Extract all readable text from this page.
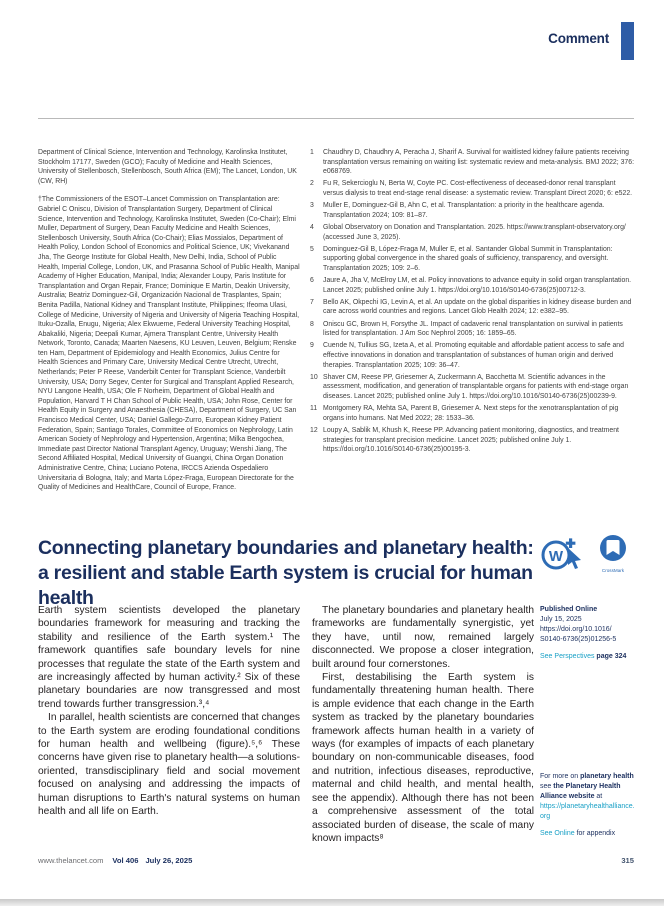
Comment

Department of Clinical Science, Intervention and Technology, Karolinska Institutet, Stockholm 17177, Sweden (GCO); Faculty of Medicine and Health Sciences, University of Stellenbosch, Stellenbosch, South Africa (EM); The Lancet, London, UK (CW, RH)

†The Commissioners of the ESOT–Lancet Commission on Transplantation are: Gabriel C Oniscu, Division of Transplantation Surgery, Department of Clinical Science, Intervention and Technology, Karolinska Institutet, Sweden (Co-Chair); Elmi Muller, Department of Surgery, Dean Faculty Medicine and Health Sciences, Stellenbosch University, South Africa (Co-Chair); Elias Mossialos, Department of Health Policy, London School of Economics and Political Science, UK; Vivekanand Jha, The George Institute for Global Health, New Delhi, India, School of Public Health, Imperial College, London, UK, and Prasanna School of Public Health, Manipal Academy of Higher Education, Manipal, India; Alexander Loupy, Paris Institute for Transplantation and Organ Repair, France; Dominique E Martin, Deakin University, Australia; Beatriz Dominguez-Gil, Organización Nacional de Trasplantes, Spain; Benita Padilla, National Kidney and Transplant Institute, Philippines; Ifeoma Ulasi, College of Medicine, University of Nigeria and University of Nigeria Teaching Hospital, Ituku-Ozalla, Enugu, Nigeria; Alex Ekwueme, Federal University Teaching Hospital, Abakaliki, Nigeria; Deepali Kumar, Ajmera Transplant Centre, University Health Network, Toronto, Canada; Maarten Naesens, KU Leuven, Leuven, Belgium; Renske ten Ham, Department of Epidemiology and Health Economics, Julius Centre for Health Sciences and Primary Care, University Medical Centre Utrecht, Utrecht, Netherlands; Peter P Reese, Vanderbilt Center for Transplant Science, Vanderbilt University, USA; Dorry Segev, Center for Surgical and Transplant Applied Research, NYU Langone Health, USA; Ole F Norheim, Department of Global Health and Population, Harvard T H Chan School of Public Health, USA; John Rose, Center for Health Equity in Surgery and Anaesthesia (CHESA), Department of Surgery, UC San Francisco Medical Center, USA; Daniel Gallego-Zurro, European Kidney Patient Federation, Spain; Santiago Torales, Committee of Economics on Nephrology, Latin American Society of Nephrology and Hypertension, Argentina; Milka Bengochea, Immediate past Director National Transplant Agency, Uruguay; Wenshi Jiang, The Second Affiliated Hospital, Medical University of Guangxi, China Organ Donation Administrative Centre, China; Luciano Potena, IRCCS Azienda Ospedaliero Universitaria di Bologna, Italy; and Marta López-Fraga, European Directorate for the Quality of Medicines and HealthCare, Council of Europe, France.

1	Chaudhry D, Chaudhry A, Peracha J, Sharif A. Survival for waitlisted kidney failure patients receiving transplantation versus remaining on waiting list: systematic review and meta-analysis. BMJ 2022; 376: e068769.
2	Fu R, Sekercioglu N, Berta W, Coyte PC. Cost-effectiveness of deceased-donor renal transplant versus dialysis to treat end-stage renal disease: a systematic review. Transplant Direct 2020; 6: e522.
3	Muller E, Dominguez-Gil B, Ahn C, et al. Transplantation: a priority in the healthcare agenda. Transplantation 2024; 109: 81–87.
4	Global Observatory on Donation and Transplantation. 2025. https://www.transplant-observatory.org/ (accessed June 3, 2025).
5	Dominguez-Gil B, López-Fraga M, Muller E, et al. Santander Global Summit in Transplantation: supporting global convergence in the shared goals of sufficiency, transparency, and oversight. Transplantation 2025; 109: 2–6.
6	Jaure A, Jha V, McElroy LM, et al. Policy innovations to advance equity in solid organ transplantation. Lancet 2025; published online July 1. https://doi.org/10.1016/S0140-6736(25)00712-3.
7	Bello AK, Okpechi IG, Levin A, et al. An update on the global disparities in kidney disease burden and care across world countries and regions. Lancet Glob Health 2024; 12: e382–95.
8	Oniscu GC, Brown H, Forsythe JL. Impact of cadaveric renal transplantation on survival in patients listed for transplantation. J Am Soc Nephrol 2005; 16: 1859–65.
9	Cuende N, Tullius SG, Izeta A, et al. Promoting equitable and affordable patient access to safe and effective innovations in donation and transplantation of substances of human origin and derived therapies. Transplantation 2025; 109: 36–47.
10 Shaver CM, Reese PP, Griesemer A, Zuckermann A, Bacchetta M. Scientific advances in the assessment, modification, and generation of transplantable organs for patients with end-stage organ diseases. Lancet 2025; published online July 1. https://doi.org/10.1016/S0140-6736(25)00239-9.
11 Montgomery RA, Mehta SA, Parent B, Griesemer A. Next steps for the xenotransplantation of pig organs into humans. Nat Med 2022; 28: 1533–36.
12 Loupy A, Sablik M, Khush K, Reese PP. Advancing patient monitoring, diagnostics, and treatment strategies for transplant precision medicine. Lancet 2025; published online July 1. https://doi.org/10.1016/S0140-6736(25)00195-3.
Connecting planetary boundaries and planetary health:
a resilient and stable Earth system is crucial for human health
W
CrossMark

Earth system scientists developed the planetary boundaries framework for measuring and tracking the stability and resilience of the Earth system.¹ The framework quantifies safe boundary levels for nine processes that regulate the state of the Earth system and are increasingly affected by human activity.² Six of these planetary boundaries are now transgressed and most trend towards further transgression.³,⁴

In parallel, health scientists are concerned that changes to the Earth system are eroding foundational conditions for human health and wellbeing (figure).⁵,⁶ These concerns have given rise to planetary health—a solutions-oriented, transdisciplinary field and social movement focused on analysing and addressing the impacts of human disruptions to Earth's natural systems on human health and all life on Earth.

The planetary boundaries and planetary health frameworks are fundamentally synergistic, yet they have, until now, remained largely disconnected. We propose a closer integration, built around four cornerstones.

First, destabilising the Earth system is fundamentally threatening human health. There is ample evidence that each change in the Earth system as tracked by the planetary boundaries framework affects human health in a variety of ways (for examples of impacts of each planetary boundary on non-communicable diseases, food and nutrition, infectious diseases, reproductive, maternal and child health, and mental health, see the appendix). Although there has not been a comprehensive assessment of the total associated burden of disease, the scale of many known impacts⁸

Published Online
July 15, 2025
https://doi.org/10.1016/ S0140-6736(25)01256-5
See Perspectives page 324
For more on planetary health see the Planetary Health Alliance website at https://planetaryhealthalliance.org
See Online for appendix
www.thelancet.com Vol 406 July 26, 2025	315
